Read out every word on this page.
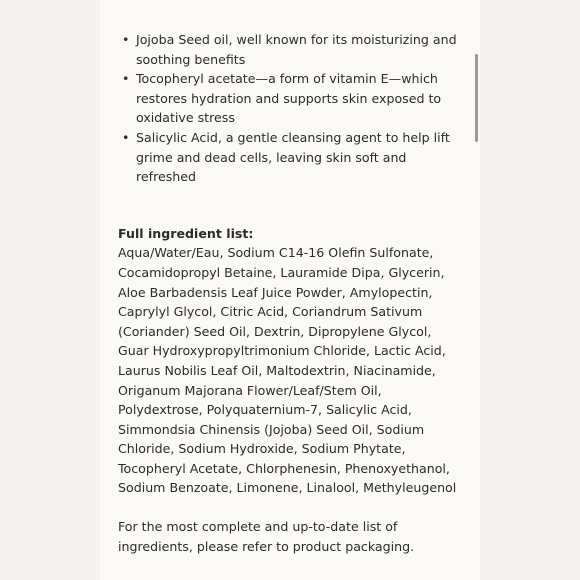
• Jojoba Seed oil, well known for its moisturizing and soothing benefits
• Tocopheryl acetate—a form of vitamin E—which restores hydration and supports skin exposed to oxidative stress
• Salicylic Acid, a gentle cleansing agent to help lift grime and dead cells, leaving skin soft and refreshed

Full ingredient list:

Aqua/Water/Eau, Sodium C14-16 Olefin Sulfonate, Cocamidopropyl Betaine, Lauramide Dipa, Glycerin, Aloe Barbadensis Leaf Juice Powder, Amylopectin, Caprylyl Glycol, Citric Acid, Coriandrum Sativum (Coriander) Seed Oil, Dextrin, Dipropylene Glycol, Guar Hydroxypropyltrimonium Chloride, Lactic Acid, Laurus Nobilis Leaf Oil, Maltodextrin, Niacinamide, Origanum Majorana Flower/Leaf/Stem Oil, Polydextrose, Polyquaternium-7, Salicylic Acid, Simmondsia Chinensis (Jojoba) Seed Oil, Sodium Chloride, Sodium Hydroxide, Sodium Phytate, Tocopheryl Acetate, Chlorphenesin, Phenoxyethanol, Sodium Benzoate, Limonene, Linalool, Methyleugenol

For the most complete and up-to-date list of ingredients, please refer to product packaging.
